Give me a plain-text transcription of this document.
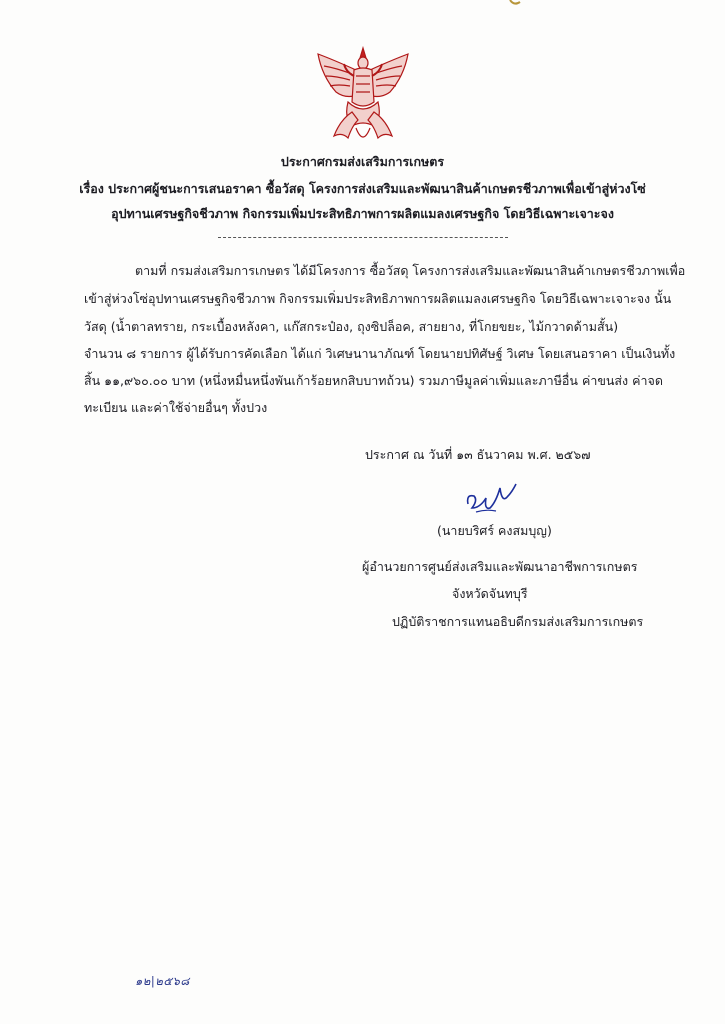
ประกาศกรมส่งเสริมการเกษตร
เรื่อง ประกาศผู้ชนะการเสนอราคา ซื้อวัสดุ โครงการส่งเสริมและพัฒนาสินค้าเกษตรชีวภาพเพื่อเข้าสู่ห่วงโซ่
อุปทานเศรษฐกิจชีวภาพ กิจกรรมเพิ่มประสิทธิภาพการผลิตแมลงเศรษฐกิจ โดยวิธีเฉพาะเจาะจง
ตามที่ กรมส่งเสริมการเกษตร ได้มีโครงการ ซื้อวัสดุ โครงการส่งเสริมและพัฒนาสินค้าเกษตรชีวภาพเพื่อ
เข้าสู่ห่วงโซ่อุปทานเศรษฐกิจชีวภาพ กิจกรรมเพิ่มประสิทธิภาพการผลิตแมลงเศรษฐกิจ โดยวิธีเฉพาะเจาะจง นั้น
วัสดุ (น้ำตาลทราย, กระเบื้องหลังคา, แก๊สกระป๋อง, ถุงซิปล็อค, สายยาง, ที่โกยขยะ, ไม้กวาดด้ามสั้น)
จำนวน ๘ รายการ ผู้ได้รับการคัดเลือก ได้แก่ วิเศษนานาภัณฑ์ โดยนายปทิศัษฐ์ วิเศษ โดยเสนอราคา เป็นเงินทั้ง
สิ้น ๑๑,๙๖๐.๐๐ บาท (หนึ่งหมื่นหนึ่งพันเก้าร้อยหกสิบบาทถ้วน) รวมภาษีมูลค่าเพิ่มและภาษีอื่น ค่าขนส่ง ค่าจด
ทะเบียน และค่าใช้จ่ายอื่นๆ ทั้งปวง
ประกาศ ณ วันที่ ๑๓ ธันวาคม พ.ศ. ๒๕๖๗
(นายบริศร์ คงสมบุญ)
ผู้อำนวยการศูนย์ส่งเสริมและพัฒนาอาชีพการเกษตร
จังหวัดจันทบุรี
ปฏิบัติราชการแทนอธิบดีกรมส่งเสริมการเกษตร
๑๒|๒๕๖๘
